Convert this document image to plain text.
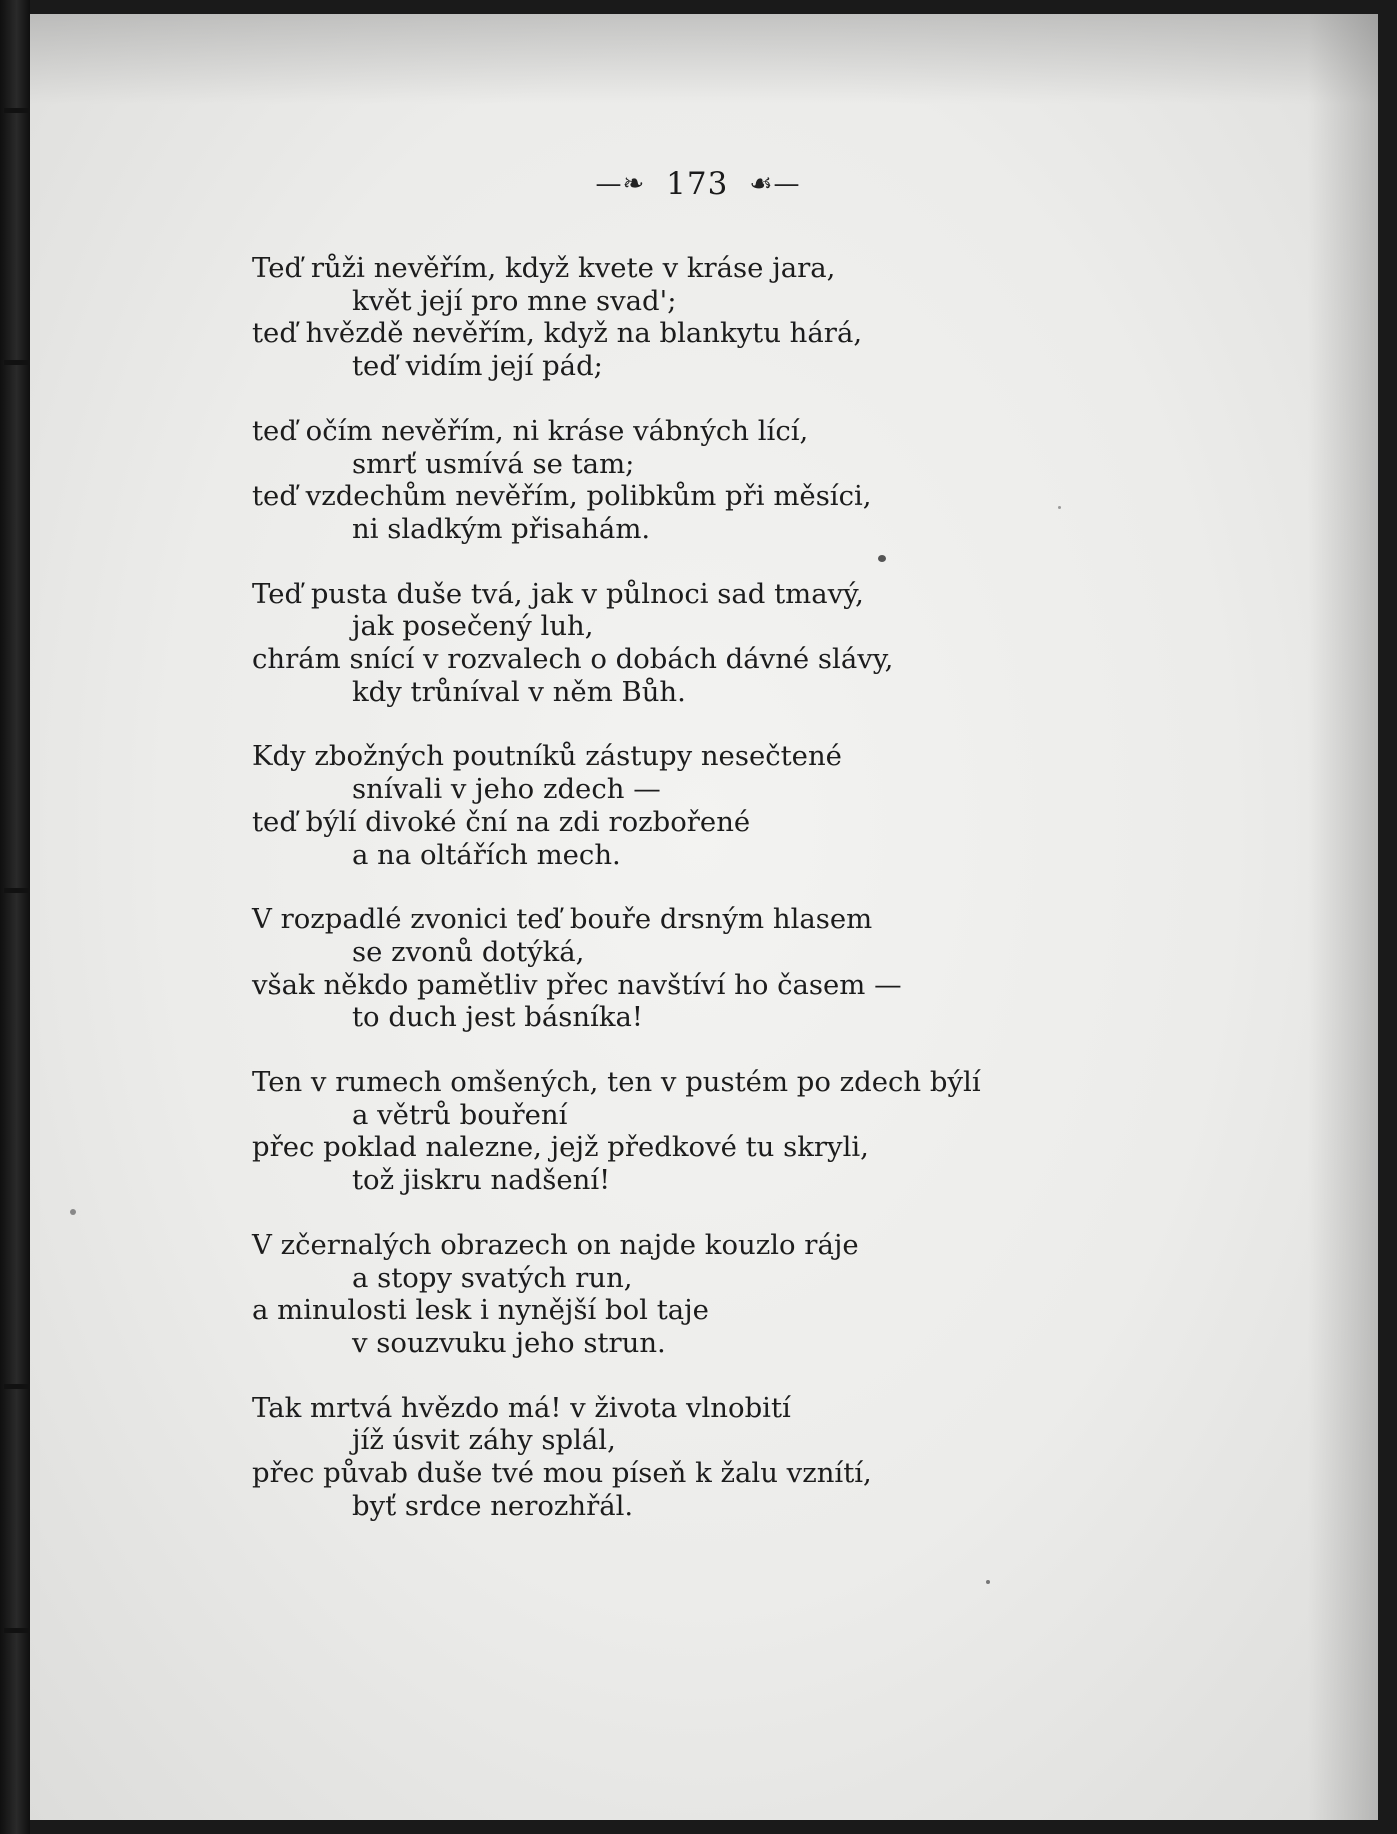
—❧ 173 ☙—
Teď růži nevěřím, když kvete v kráse jara,
květ její pro mne svad';
teď hvězdě nevěřím, když na blankytu hárá,
teď vidím její pád;
teď očím nevěřím, ni kráse vábných lící,
smrť usmívá se tam;
teď vzdechům nevěřím, polibkům při měsíci,
ni sladkým přisahám.
Teď pusta duše tvá, jak v půlnoci sad tmavý,
jak posečený luh,
chrám snící v rozvalech o dobách dávné slávy,
kdy trůníval v něm Bůh.
Kdy zbožných poutníků zástupy nesečtené
snívali v jeho zdech —
teď býlí divoké ční na zdi rozbořené
a na oltářích mech.
V rozpadlé zvonici teď bouře drsným hlasem
se zvonů dotýká,
však někdo pamětliv přec navštíví ho časem —
to duch jest básníka!
Ten v rumech omšených, ten v pustém po zdech býlí
a větrů bouření
přec poklad nalezne, jejž předkové tu skryli,
tož jiskru nadšení!
V zčernalých obrazech on najde kouzlo ráje
a stopy svatých run,
a minulosti lesk i nynější bol taje
v souzvuku jeho strun.
Tak mrtvá hvězdo má! v života vlnobití
jíž úsvit záhy splál,
přec půvab duše tvé mou píseň k žalu vznítí,
byť srdce nerozhřál.
